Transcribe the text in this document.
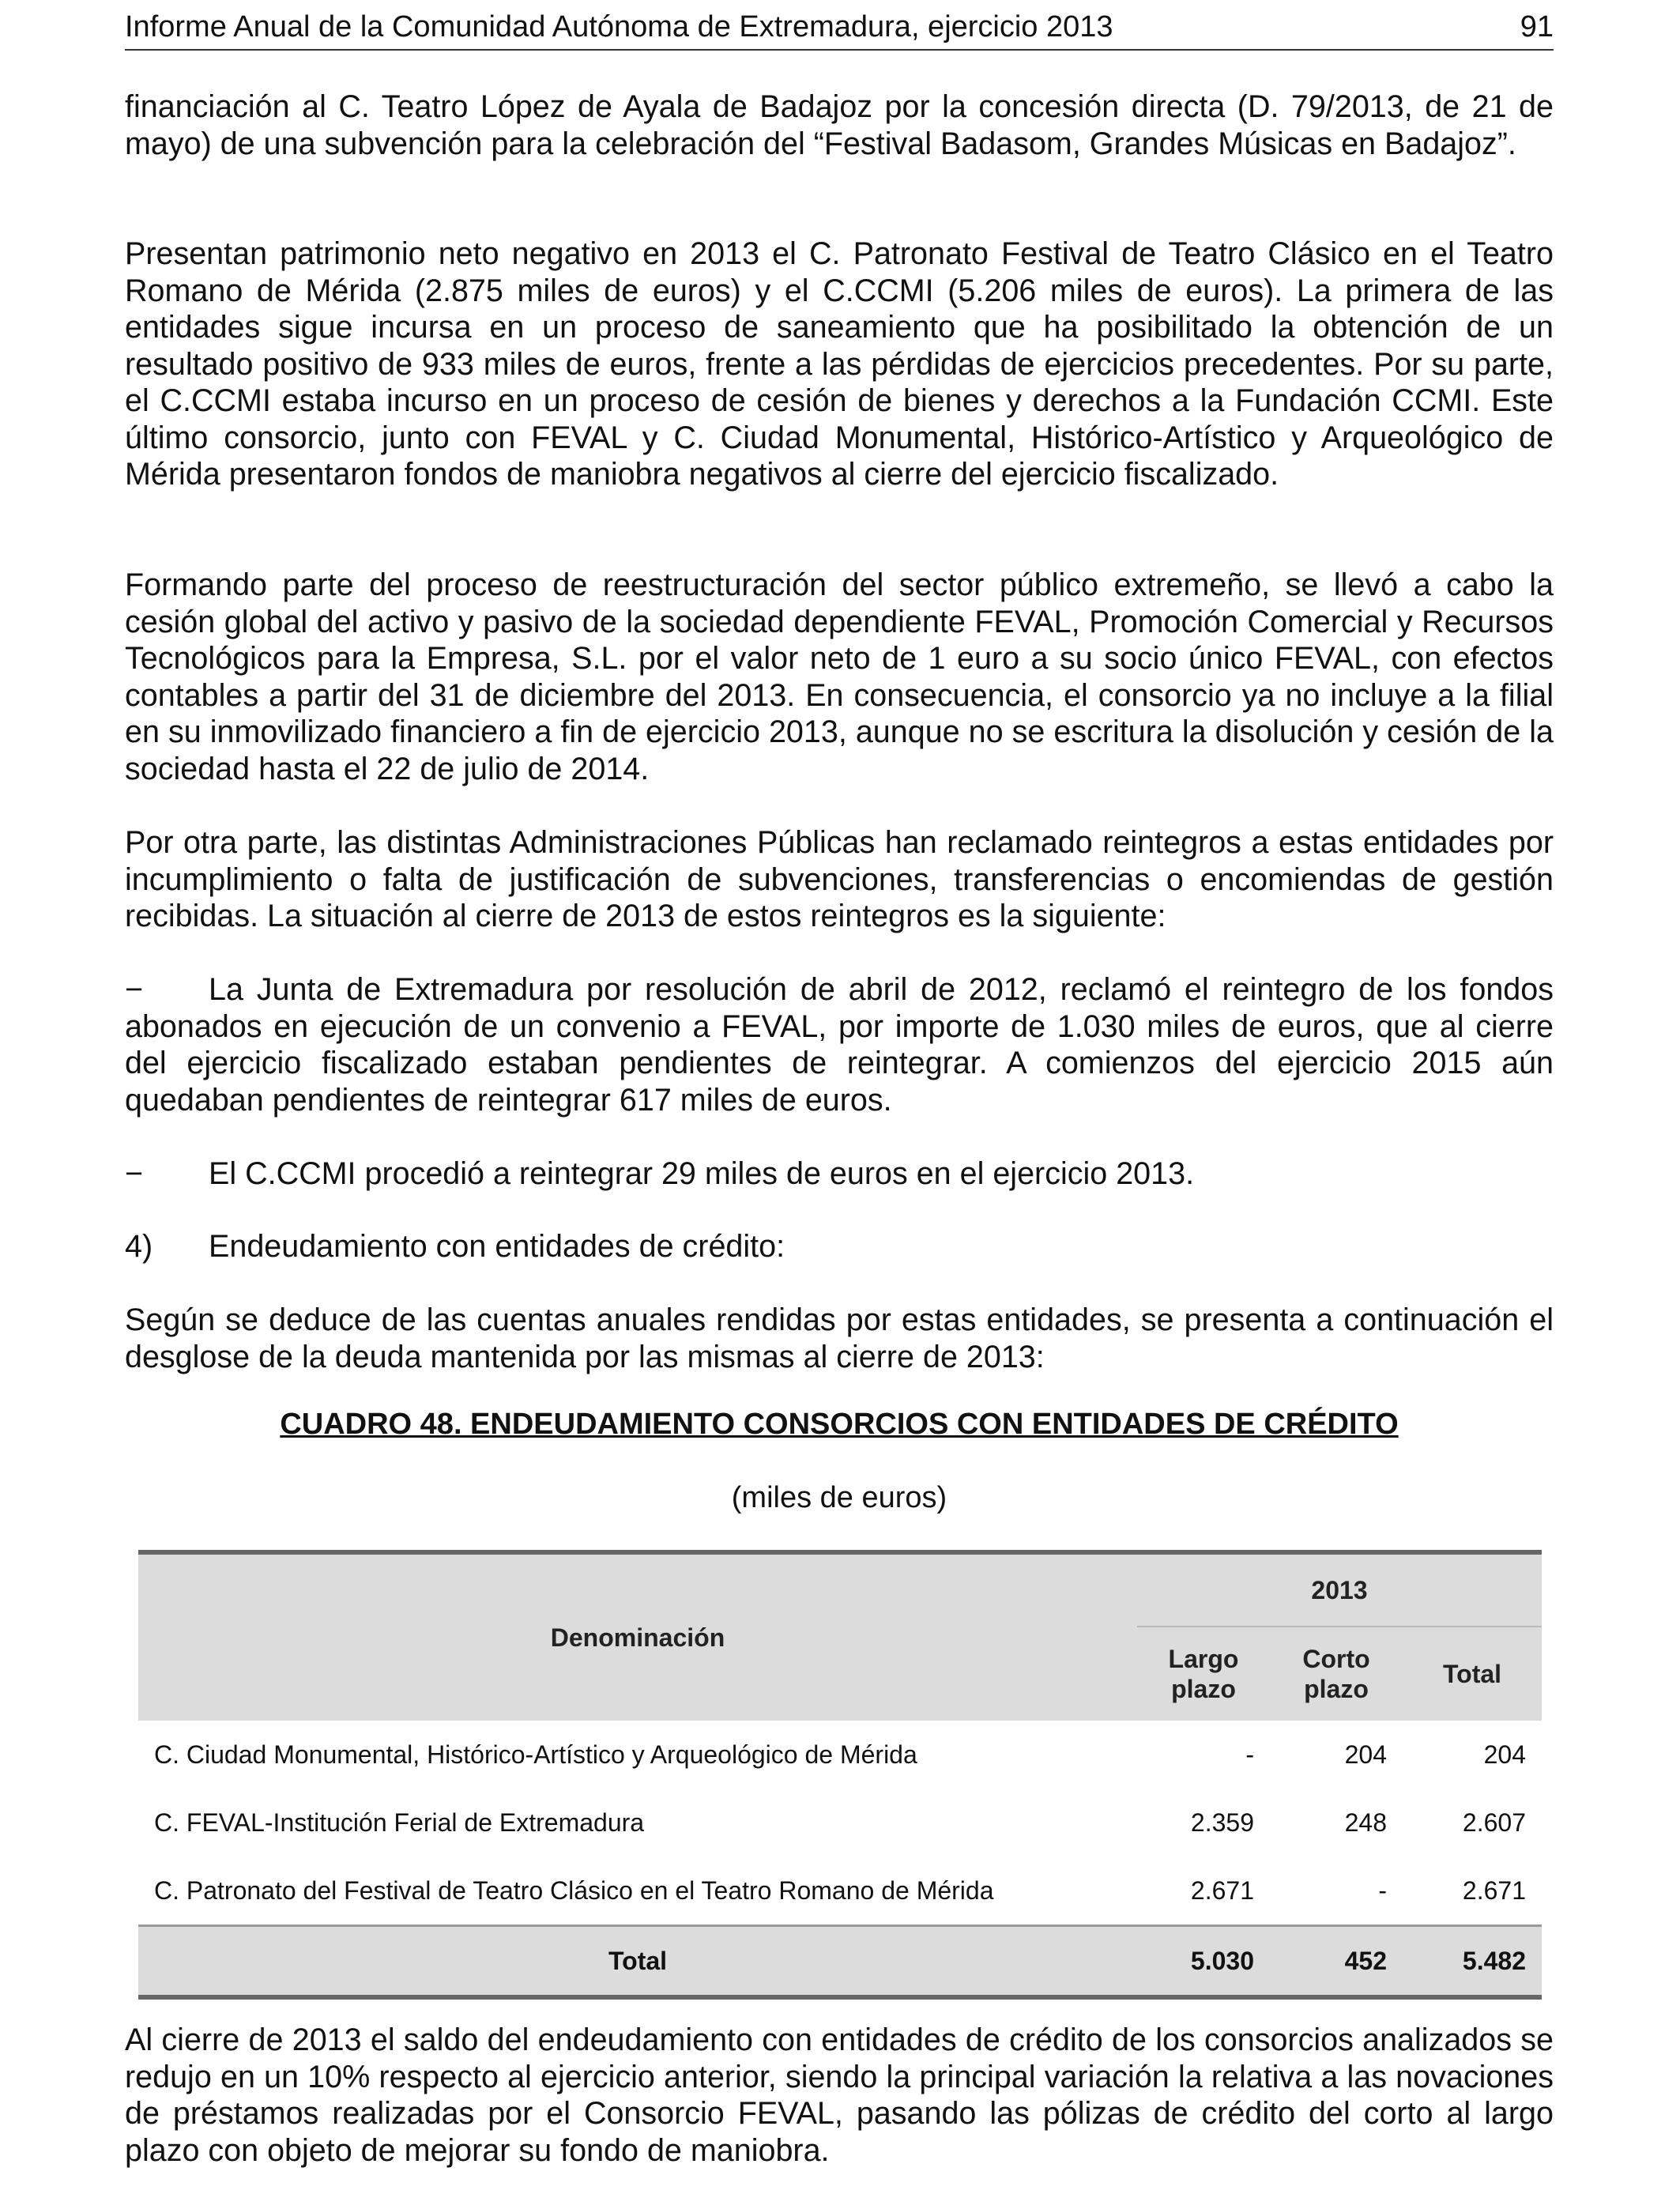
Informe Anual de la Comunidad Autónoma de Extremadura, ejercicio 2013	91

financiación al C. Teatro López de Ayala de Badajoz por la concesión directa (D. 79/2013, de 21 de mayo) de una subvención para la celebración del “Festival Badasom, Grandes Músicas en Badajoz”.

Presentan patrimonio neto negativo en 2013 el C. Patronato Festival de Teatro Clásico en el Teatro Romano de Mérida (2.875 miles de euros) y el C.CCMI (5.206 miles de euros). La primera de las entidades sigue incursa en un proceso de saneamiento que ha posibilitado la obtención de un resultado positivo de 933 miles de euros, frente a las pérdidas de ejercicios precedentes. Por su parte, el C.CCMI estaba incurso en un proceso de cesión de bienes y derechos a la Fundación CCMI. Este último consorcio, junto con FEVAL y C. Ciudad Monumental, Histórico-Artístico y Arqueológico de Mérida presentaron fondos de maniobra negativos al cierre del ejercicio fiscalizado.

Formando parte del proceso de reestructuración del sector público extremeño, se llevó a cabo la cesión global del activo y pasivo de la sociedad dependiente FEVAL, Promoción Comercial y Recursos Tecnológicos para la Empresa, S.L. por el valor neto de 1 euro a su socio único FEVAL, con efectos contables a partir del 31 de diciembre del 2013. En consecuencia, el consorcio ya no incluye a la filial en su inmovilizado financiero a fin de ejercicio 2013, aunque no se escritura la disolución y cesión de la sociedad hasta el 22 de julio de 2014.

Por otra parte, las distintas Administraciones Públicas han reclamado reintegros a estas entidades por incumplimiento o falta de justificación de subvenciones, transferencias o encomiendas de gestión recibidas. La situación al cierre de 2013 de estos reintegros es la siguiente:

− La Junta de Extremadura por resolución de abril de 2012, reclamó el reintegro de los fondos abonados en ejecución de un convenio a FEVAL, por importe de 1.030 miles de euros, que al cierre del ejercicio fiscalizado estaban pendientes de reintegrar. A comienzos del ejercicio 2015 aún quedaban pendientes de reintegrar 617 miles de euros.

− El C.CCMI procedió a reintegrar 29 miles de euros en el ejercicio 2013.

4) Endeudamiento con entidades de crédito:

Según se deduce de las cuentas anuales rendidas por estas entidades, se presenta a continuación el desglose de la deuda mantenida por las mismas al cierre de 2013:

CUADRO 48. ENDEUDAMIENTO CONSORCIOS CON ENTIDADES DE CRÉDITO
(miles de euros)
Denominación	2013		
	Largo plazo	Corto plazo	Total
C. Ciudad Monumental, Histórico-Artístico y Arqueológico de Mérida	-	204	204
C. FEVAL-Institución Ferial de Extremadura	2.359	248	2.607
C. Patronato del Festival de Teatro Clásico en el Teatro Romano de Mérida	2.671	-	2.671
Total	5.030	452	5.482

Al cierre de 2013 el saldo del endeudamiento con entidades de crédito de los consorcios analizados se redujo en un 10% respecto al ejercicio anterior, siendo la principal variación la relativa a las novaciones de préstamos realizadas por el Consorcio FEVAL, pasando las pólizas de crédito del corto al largo plazo con objeto de mejorar su fondo de maniobra.
